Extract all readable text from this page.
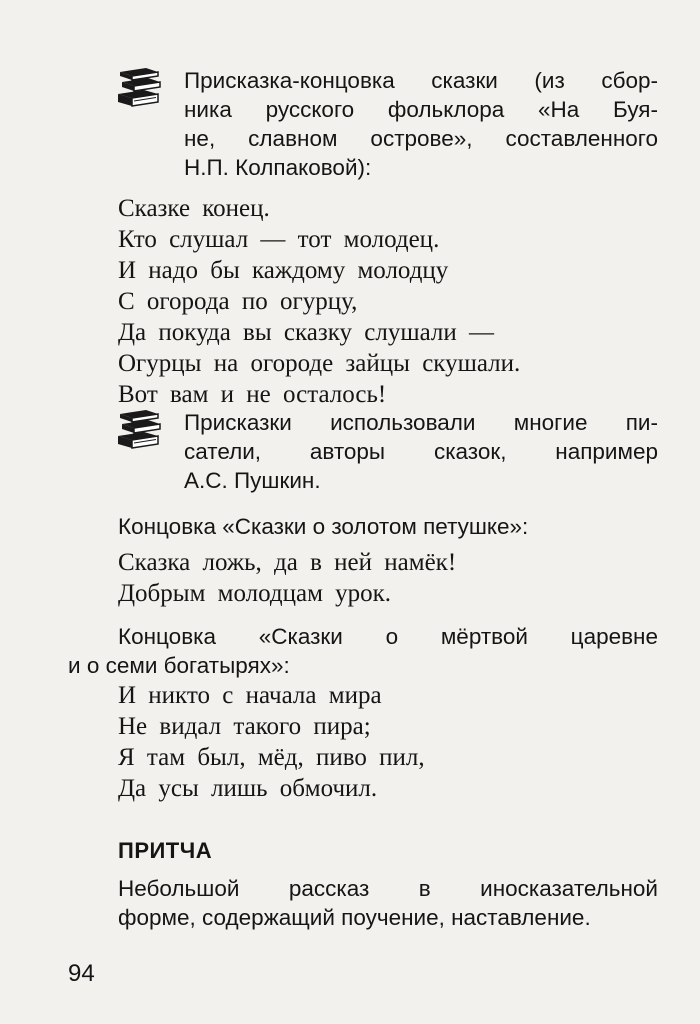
Присказка-концовка сказки (из сбор-
ника русского фольклора «На Буя-
не, славном острове», составленного
Н.П. Колпаковой):
Сказке конец.
Кто слушал — тот молодец.
И надо бы каждому молодцу
С огорода по огурцу,
Да покуда вы сказку слушали —
Огурцы на огороде зайцы скушали.
Вот вам и не осталось!
Присказки использовали многие пи-
сатели, авторы сказок, например
А.С. Пушкин.
Концовка «Сказки о золотом петушке»:
Сказка ложь, да в ней намёк!
Добрым молодцам урок.
Концовка «Сказки о мёртвой царевне
и о семи богатырях»:
И никто с начала мира
Не видал такого пира;
Я там был, мёд, пиво пил,
Да усы лишь обмочил.
ПРИТЧА
Небольшой рассказ в иносказательной
форме, содержащий поучение, наставление.
94
